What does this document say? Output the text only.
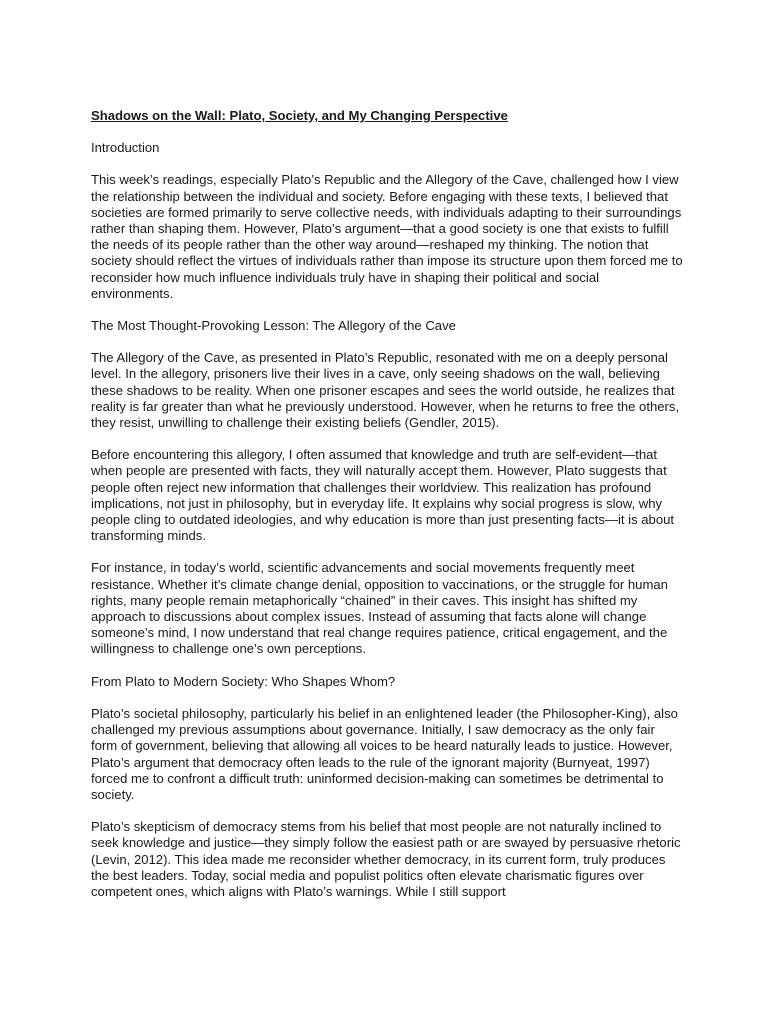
Shadows on the Wall: Plato, Society, and My Changing Perspective

Introduction

This week’s readings, especially Plato’s Republic and the Allegory of the Cave, challenged how I view the relationship between the individual and society. Before engaging with these texts, I believed that societies are formed primarily to serve collective needs, with individuals adapting to their surroundings rather than shaping them. However, Plato’s argument—that a good society is one that exists to fulfill the needs of its people rather than the other way around—reshaped my thinking. The notion that society should reflect the virtues of individuals rather than impose its structure upon them forced me to reconsider how much influence individuals truly have in shaping their political and social environments.

The Most Thought-Provoking Lesson: The Allegory of the Cave

The Allegory of the Cave, as presented in Plato’s Republic, resonated with me on a deeply personal level. In the allegory, prisoners live their lives in a cave, only seeing shadows on the wall, believing these shadows to be reality. When one prisoner escapes and sees the world outside, he realizes that reality is far greater than what he previously understood. However, when he returns to free the others, they resist, unwilling to challenge their existing beliefs (Gendler, 2015).

Before encountering this allegory, I often assumed that knowledge and truth are self-evident—that when people are presented with facts, they will naturally accept them. However, Plato suggests that people often reject new information that challenges their worldview. This realization has profound implications, not just in philosophy, but in everyday life. It explains why social progress is slow, why people cling to outdated ideologies, and why education is more than just presenting facts—it is about transforming minds.

For instance, in today’s world, scientific advancements and social movements frequently meet resistance. Whether it’s climate change denial, opposition to vaccinations, or the struggle for human rights, many people remain metaphorically “chained” in their caves. This insight has shifted my approach to discussions about complex issues. Instead of assuming that facts alone will change someone’s mind, I now understand that real change requires patience, critical engagement, and the willingness to challenge one’s own perceptions.

From Plato to Modern Society: Who Shapes Whom?

Plato’s societal philosophy, particularly his belief in an enlightened leader (the Philosopher-King), also challenged my previous assumptions about governance. Initially, I saw democracy as the only fair form of government, believing that allowing all voices to be heard naturally leads to justice. However, Plato’s argument that democracy often leads to the rule of the ignorant majority (Burnyeat, 1997) forced me to confront a difficult truth: uninformed decision-making can sometimes be detrimental to society.

Plato’s skepticism of democracy stems from his belief that most people are not naturally inclined to seek knowledge and justice—they simply follow the easiest path or are swayed by persuasive rhetoric (Levin, 2012). This idea made me reconsider whether democracy, in its current form, truly produces the best leaders. Today, social media and populist politics often elevate charismatic figures over competent ones, which aligns with Plato’s warnings. While I still support
